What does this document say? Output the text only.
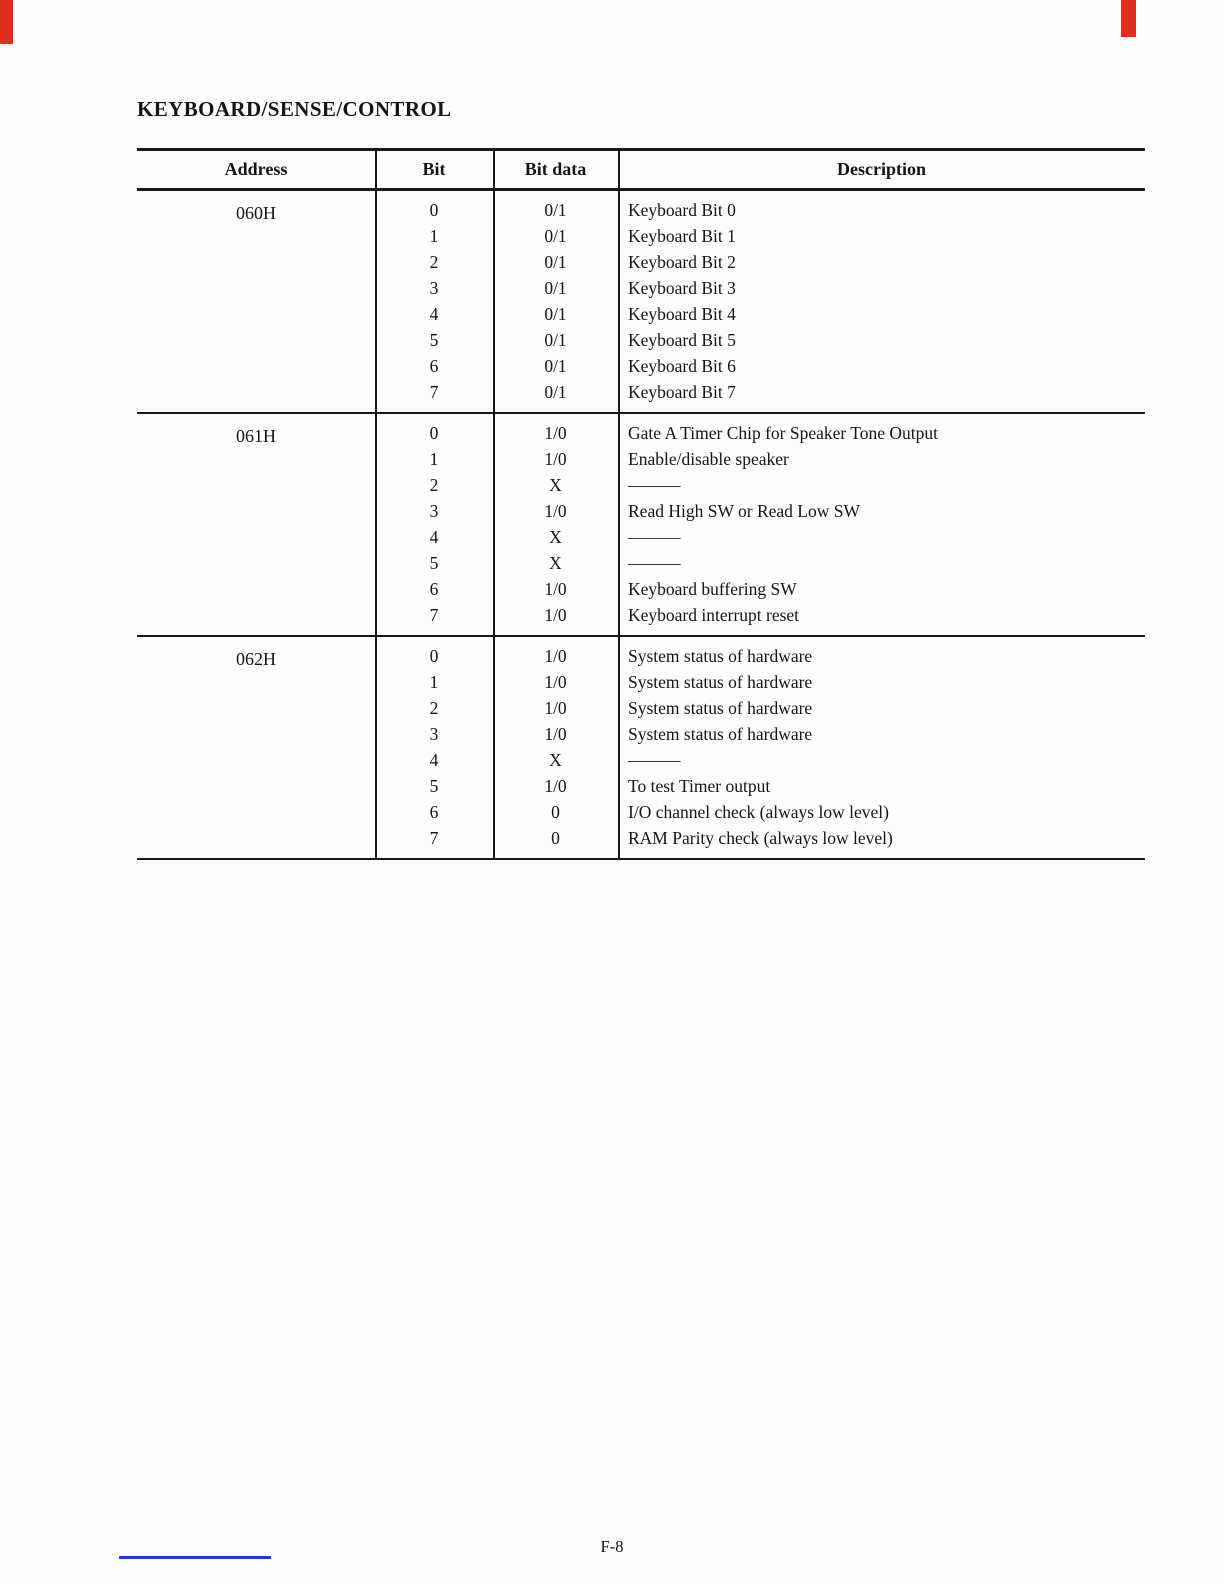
KEYBOARD/SENSE/CONTROL
Address	Bit	Bit data	Description
060H	0	0/1	Keyboard Bit 0
1	0/1	Keyboard Bit 1
2	0/1	Keyboard Bit 2
3	0/1	Keyboard Bit 3
4	0/1	Keyboard Bit 4
5	0/1	Keyboard Bit 5
6	0/1	Keyboard Bit 6
7	0/1	Keyboard Bit 7
061H	0	1/0	Gate A Timer Chip for Speaker Tone Output
1	1/0	Enable/disable speaker
2	X	———
3	1/0	Read High SW or Read Low SW
4	X	———
5	X	———
6	1/0	Keyboard buffering SW
7	1/0	Keyboard interrupt reset
062H	0	1/0	System status of hardware
1	1/0	System status of hardware
2	1/0	System status of hardware
3	1/0	System status of hardware
4	X	———
5	1/0	To test Timer output
6	0	I/O channel check (always low level)
7	0	RAM Parity check (always low level)
F-8
